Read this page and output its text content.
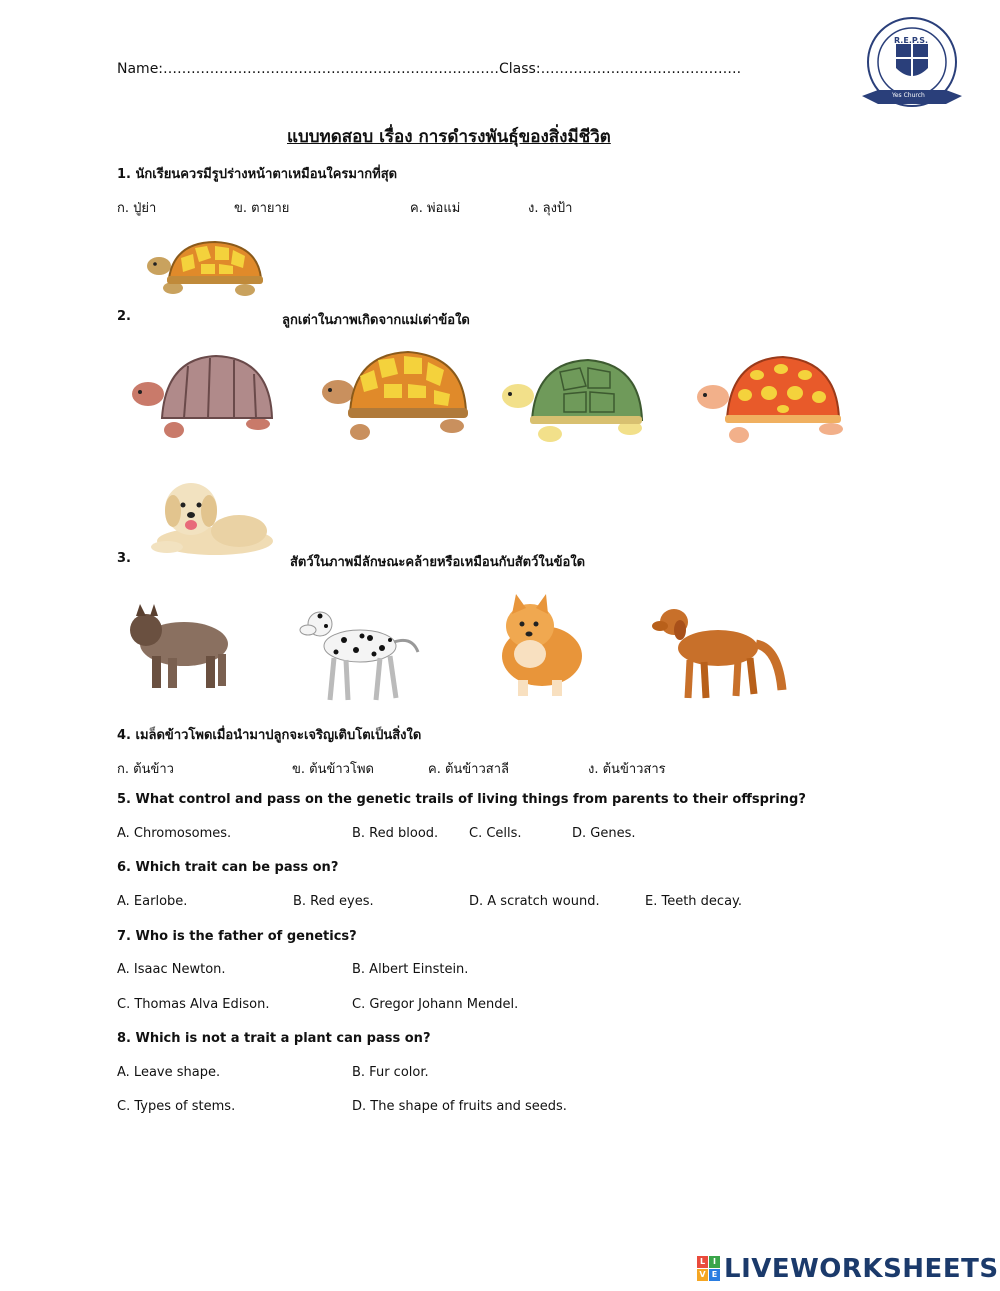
Name:………………………………………………………………Class:…………………………………….
R.E.P.S.
Yes Church
แบบทดสอบ เรื่อง การดำรงพันธุ์ของสิ่งมีชีวิต
1. นักเรียนควรมีรูปร่างหน้าตาเหมือนใครมากที่สุด
ก. ปู่ย่า	ข. ตายาย	ค. พ่อแม่	ง. ลุงป้า
2.	ลูกเต่าในภาพเกิดจากแม่เต่าข้อใด
3.	สัตว์ในภาพมีลักษณะคล้ายหรือเหมือนกับสัตว์ในข้อใด
4. เมล็ดข้าวโพดเมื่อนำมาปลูกจะเจริญเติบโตเป็นสิ่งใด
ก. ต้นข้าว	ข. ต้นข้าวโพด	ค. ต้นข้าวสาลี	ง. ต้นข้าวสาร
5. What control and pass on the genetic trails of living things from parents to their offspring?
A. Chromosomes.	B. Red blood. C. Cells.	D. Genes.
6. Which trait can be pass on?
A. Earlobe.	B. Red eyes.	D. A scratch wound.	E. Teeth decay.
7. Who is the father of genetics?
A. Isaac Newton.	B. Albert Einstein.
C. Thomas Alva Edison.	C. Gregor Johann Mendel.
8. Which is not a trait a plant can pass on?
A. Leave shape.	B. Fur color.
C. Types of stems.	D. The shape of fruits and seeds.
L I
V E LIVEWORKSHEETS
